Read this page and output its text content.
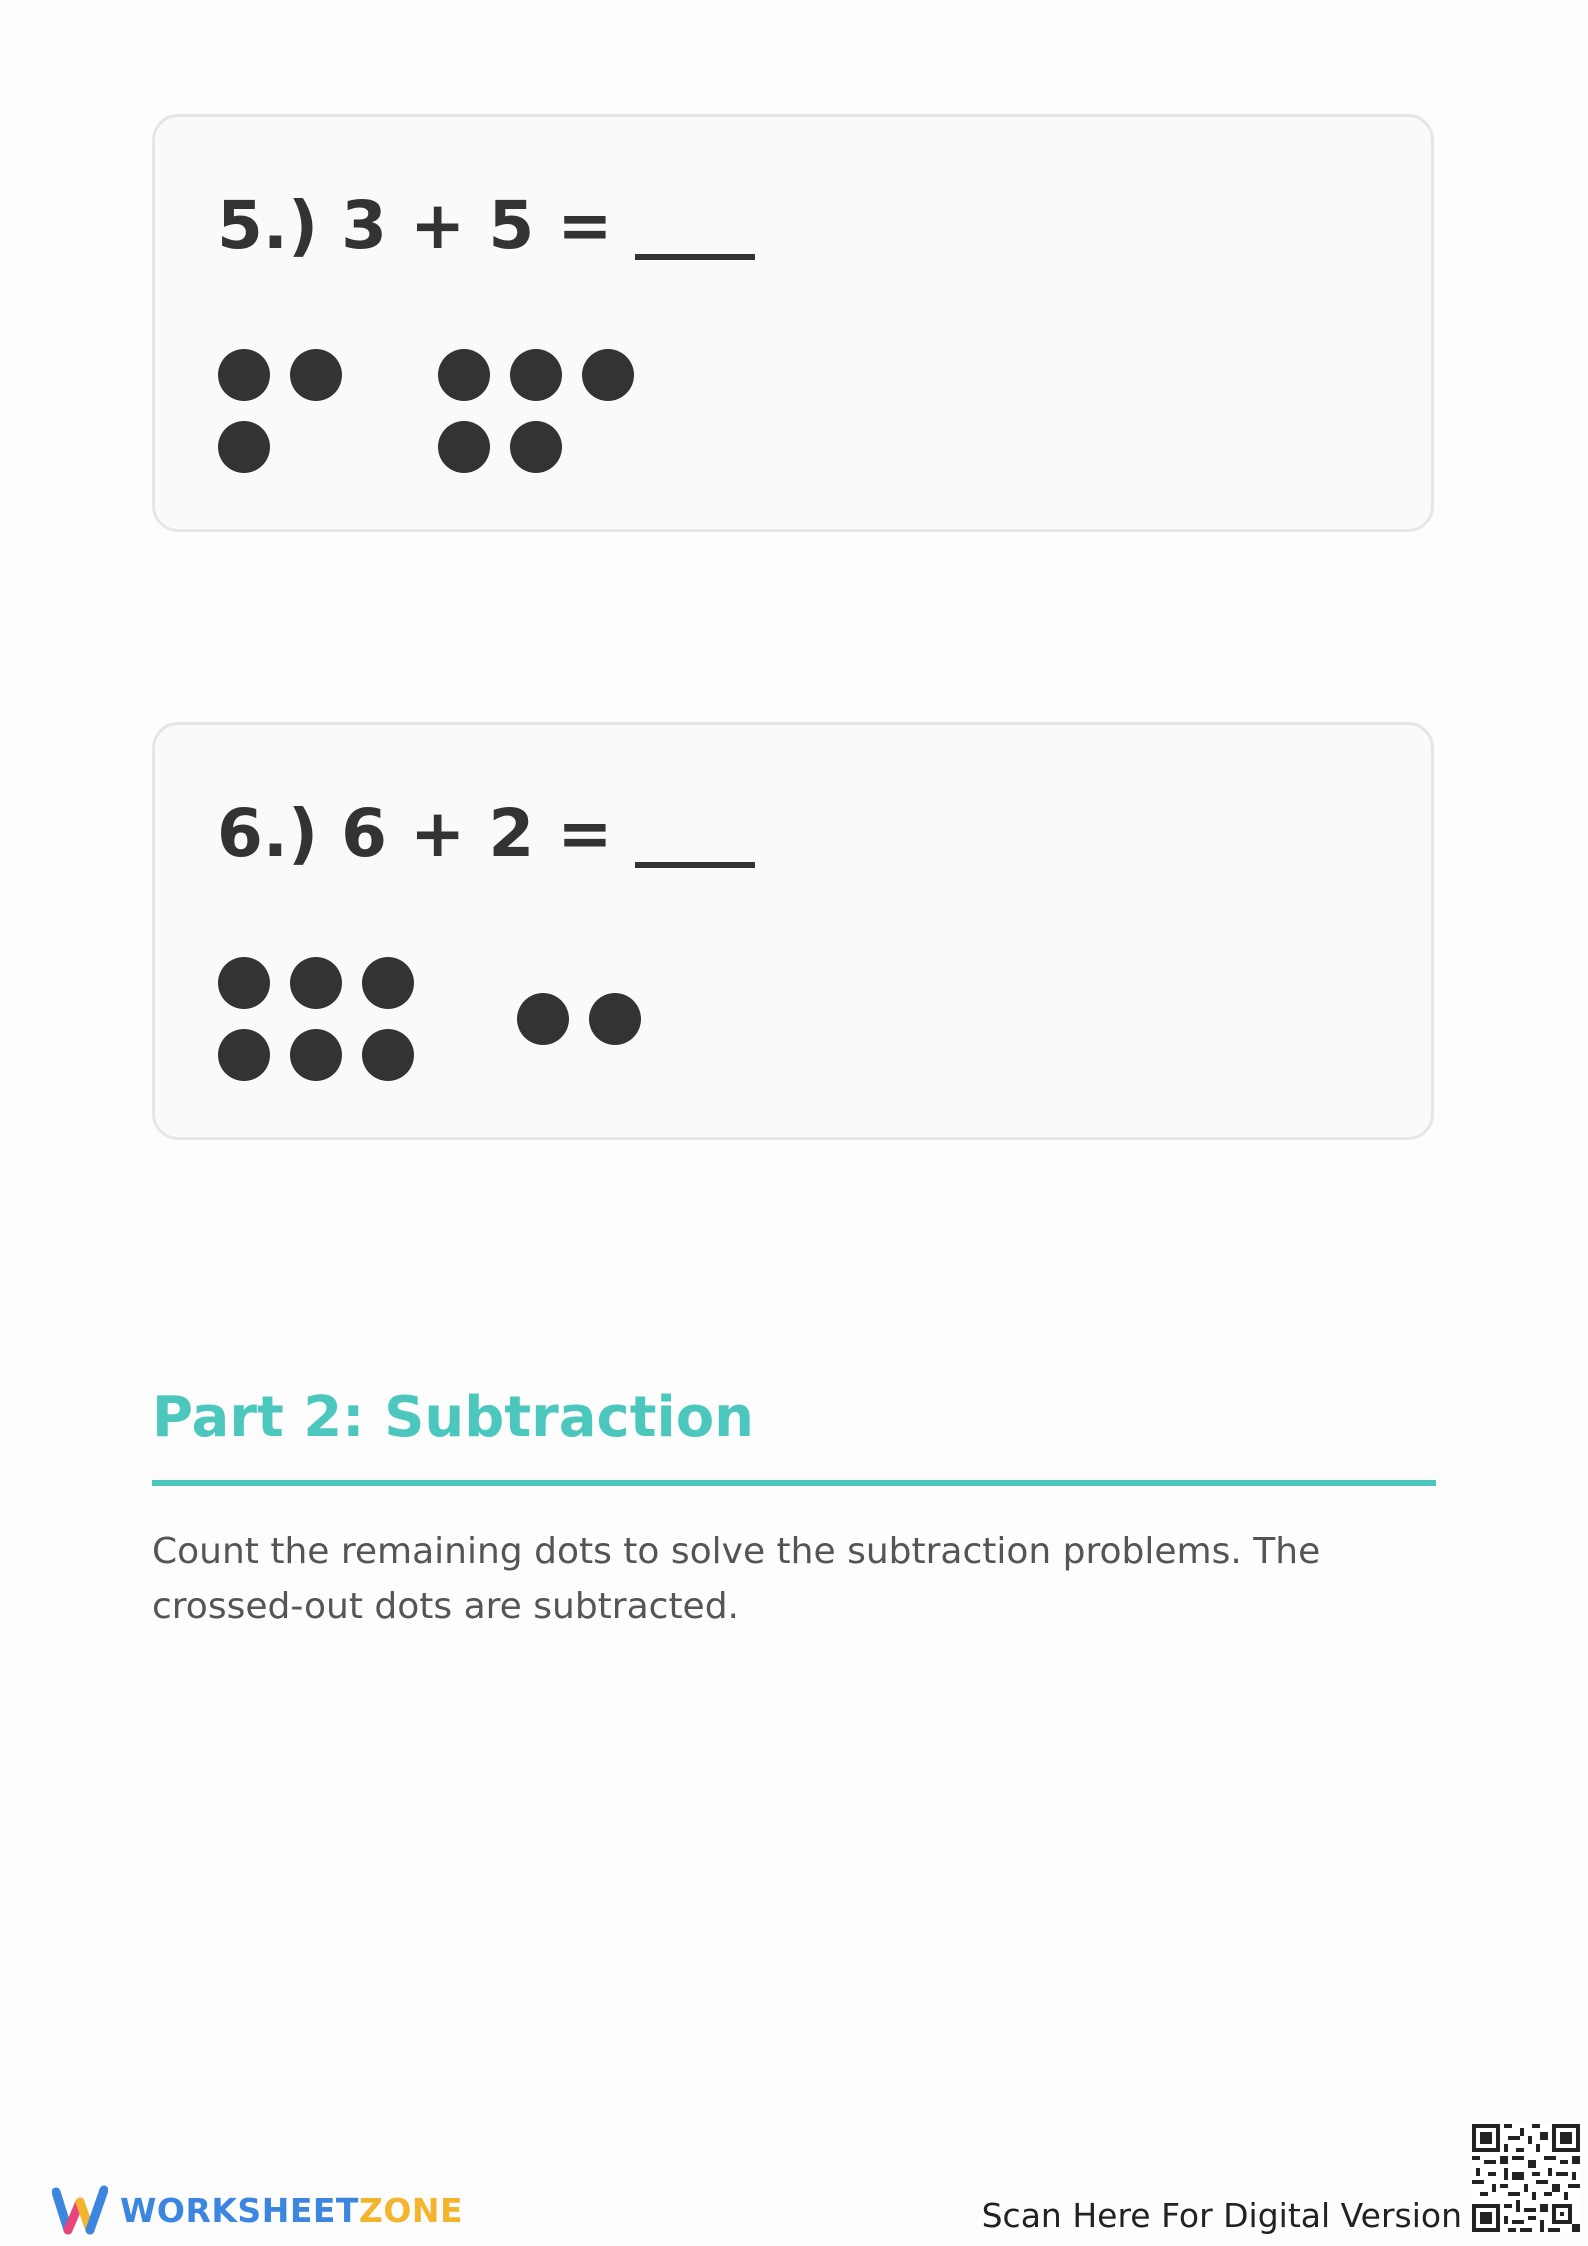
5.) 3 + 5 =
6.) 6 + 2 =
Part 2: Subtraction

Count the remaining dots to solve the subtraction problems. The crossed-out dots are subtracted.

WORKSHEETZONE	Scan Here For Digital Version
